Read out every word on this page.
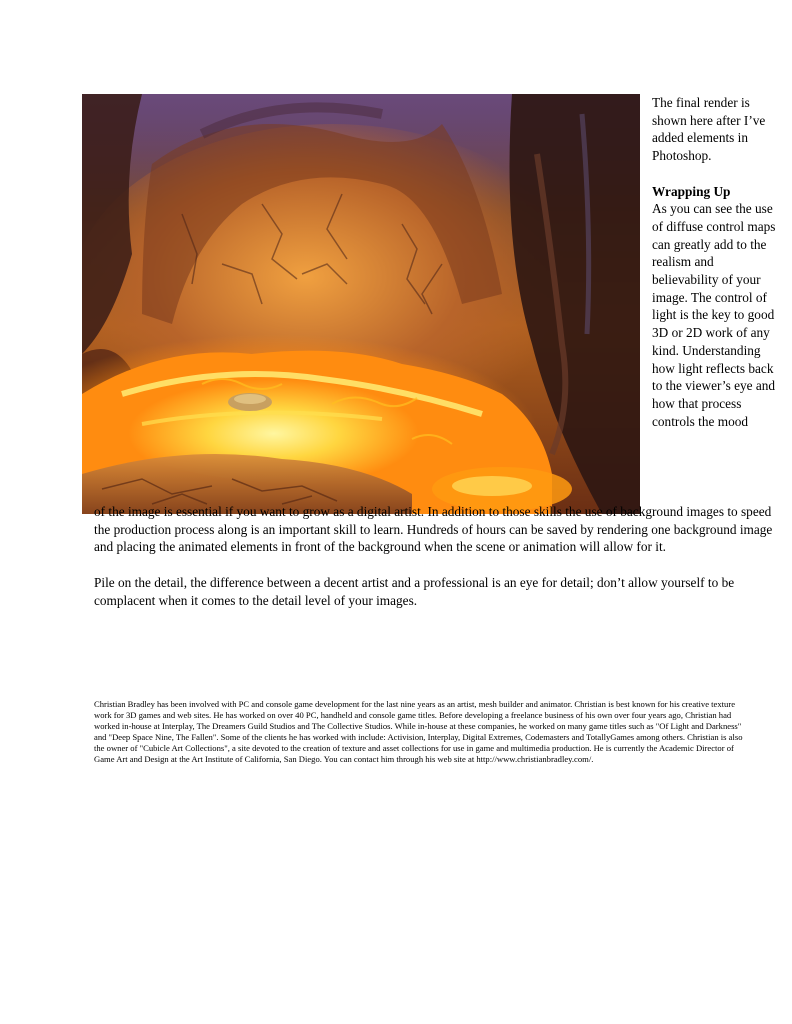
The final render is shown here after I’ve added elements in Photoshop.

Wrapping Up
As you can see the use of diffuse control maps can greatly add to the realism and believability of your image. The control of light is the key to good 3D or 2D work of any kind. Understanding how light reflects back to the viewer’s eye and how that process controls the mood

of the image is essential if you want to grow as a digital artist. In addition to those skills the use of background images to speed the production process along is an important skill to learn. Hundreds of hours can be saved by rendering one background image and placing the animated elements in front of the background when the scene or animation will allow for it.

Pile on the detail, the difference between a decent artist and a professional is an eye for detail; don’t allow yourself to be complacent when it comes to the detail level of your images.

Christian Bradley has been involved with PC and console game development for the last nine years as an artist, mesh builder and animator. Christian is best known for his creative texture work for 3D games and web sites. He has worked on over 40 PC, handheld and console game titles. Before developing a freelance business of his own over four years ago, Christian had worked in-house at Interplay, The Dreamers Guild Studios and The Collective Studios. While in-house at these companies, he worked on many game titles such as "Of Light and Darkness" and "Deep Space Nine, The Fallen". Some of the clients he has worked with include: Activision, Interplay, Digital Extremes, Codemasters and TotallyGames among others. Christian is also the owner of "Cubicle Art Collections", a site devoted to the creation of texture and asset collections for use in game and multimedia production. He is currently the Academic Director of Game Art and Design at the Art Institute of California, San Diego. You can contact him through his web site at http://www.christianbradley.com/.
